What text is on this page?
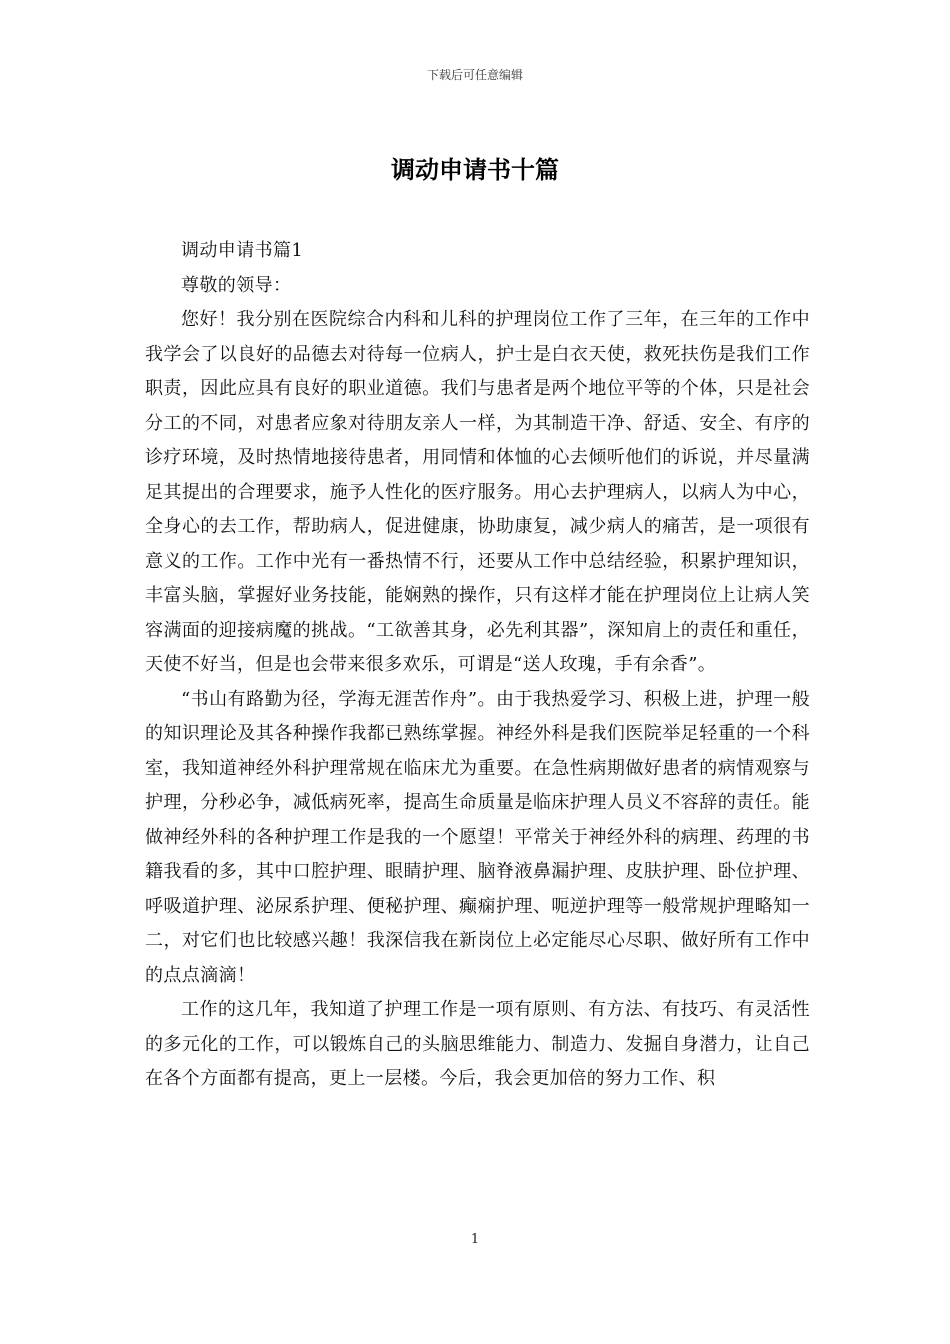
下载后可任意编辑
调动申请书十篇

调动申请书篇1

尊敬的领导：

您好！我分别在医院综合内科和儿科的护理岗位工作了三年，在三年的工作中我学会了以良好的品德去对待每一位病人，护士是白衣天使，救死扶伤是我们工作职责，因此应具有良好的职业道德。我们与患者是两个地位平等的个体，只是社会分工的不同，对患者应象对待朋友亲人一样，为其制造干净、舒适、安全、有序的诊疗环境，及时热情地接待患者，用同情和体恤的心去倾听他们的诉说，并尽量满足其提出的合理要求，施予人性化的医疗服务。用心去护理病人，以病人为中心，全身心的去工作，帮助病人，促进健康，协助康复，减少病人的痛苦，是一项很有意义的工作。工作中光有一番热情不行，还要从工作中总结经验，积累护理知识，丰富头脑，掌握好业务技能，能娴熟的操作，只有这样才能在护理岗位上让病人笑容满面的迎接病魔的挑战。“工欲善其身，必先利其器”，深知肩上的责任和重任，天使不好当，但是也会带来很多欢乐，可谓是“送人玫瑰，手有余香”。

“书山有路勤为径，学海无涯苦作舟”。由于我热爱学习、积极上进，护理一般的知识理论及其各种操作我都已熟练掌握。神经外科是我们医院举足轻重的一个科室，我知道神经外科护理常规在临床尤为重要。在急性病期做好患者的病情观察与护理，分秒必争，减低病死率，提高生命质量是临床护理人员义不容辞的责任。能做神经外科的各种护理工作是我的一个愿望！平常关于神经外科的病理、药理的书籍我看的多，其中口腔护理、眼睛护理、脑脊液鼻漏护理、皮肤护理、卧位护理、呼吸道护理、泌尿系护理、便秘护理、癫痫护理、呃逆护理等一般常规护理略知一二，对它们也比较感兴趣！我深信我在新岗位上必定能尽心尽职、做好所有工作中的点点滴滴！

工作的这几年，我知道了护理工作是一项有原则、有方法、有技巧、有灵活性的多元化的工作，可以锻炼自己的头脑思维能力、制造力、发掘自身潜力，让自己在各个方面都有提高，更上一层楼。今后，我会更加倍的努力工作、积

1
